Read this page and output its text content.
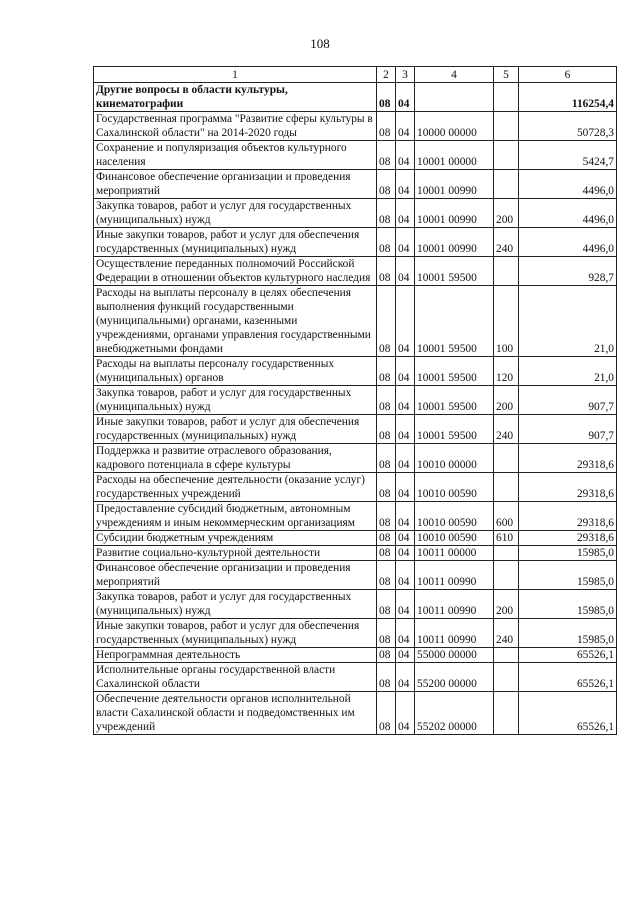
108
1	2	3	4	5	6
Другие вопросы в области культуры, кинематографии	08	04			116254,4
Государственная программа "Развитие сферы культуры в Сахалинской области" на 2014-2020 годы	08	04	10000 00000		50728,3
Сохранение и популяризация объектов культурного населения	08	04	10001 00000		5424,7
Финансовое обеспечение организации и проведения мероприятий	08	04	10001 00990		4496,0
Закупка товаров, работ и услуг для государственных (муниципальных) нужд	08	04	10001 00990	200	4496,0
Иные закупки товаров, работ и услуг для обеспечения государственных (муниципальных) нужд	08	04	10001 00990	240	4496,0
Осуществление переданных полномочий Российской Федерации в отношении объектов культурного наследия	08	04	10001 59500		928,7
Расходы на выплаты персоналу в целях обеспечения выполнения функций государственными (муниципальными) органами, казенными учреждениями, органами управления государственными внебюджетными фондами	08	04	10001 59500	100	21,0
Расходы на выплаты персоналу государственных (муниципальных) органов	08	04	10001 59500	120	21,0
Закупка товаров, работ и услуг для государственных (муниципальных) нужд	08	04	10001 59500	200	907,7
Иные закупки товаров, работ и услуг для обеспечения государственных (муниципальных) нужд	08	04	10001 59500	240	907,7
Поддержка и развитие отраслевого образования, кадрового потенциала в сфере культуры	08	04	10010 00000		29318,6
Расходы на обеспечение деятельности (оказание услуг) государственных учреждений	08	04	10010 00590		29318,6
Предоставление субсидий бюджетным, автономным учреждениям и иным некоммерческим организациям	08	04	10010 00590	600	29318,6
Субсидии бюджетным учреждениям	08	04	10010 00590	610	29318,6
Развитие социально-культурной деятельности	08	04	10011 00000		15985,0
Финансовое обеспечение организации и проведения мероприятий	08	04	10011 00990		15985,0
Закупка товаров, работ и услуг для государственных (муниципальных) нужд	08	04	10011 00990	200	15985,0
Иные закупки товаров, работ и услуг для обеспечения государственных (муниципальных) нужд	08	04	10011 00990	240	15985,0
Непрограммная деятельность	08	04	55000 00000		65526,1
Исполнительные органы государственной власти Сахалинской области	08	04	55200 00000		65526,1
Обеспечение деятельности органов исполнительной власти Сахалинской области и подведомственных им учреждений	08	04	55202 00000		65526,1
